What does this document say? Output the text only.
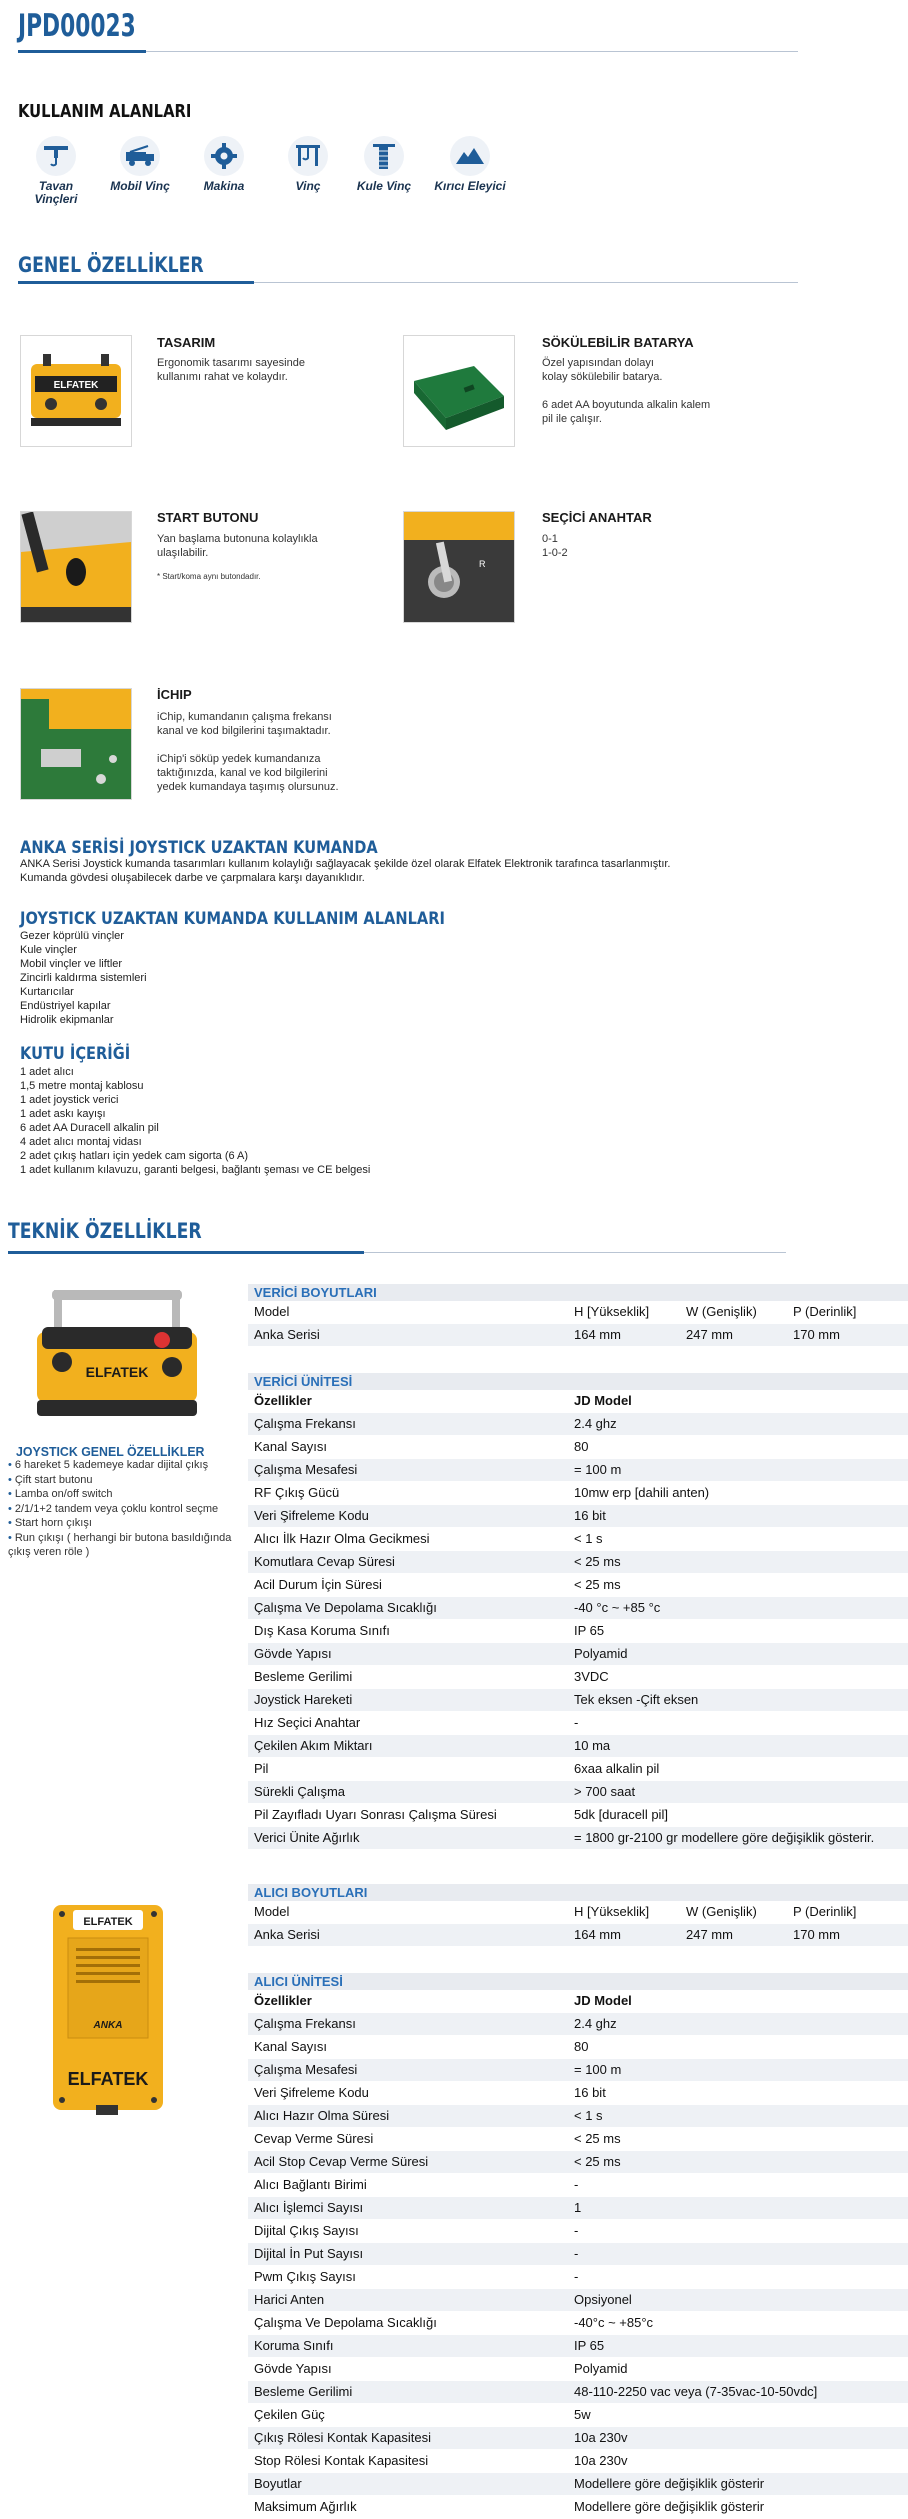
JPD00023
KULLANIM ALANLARI
Tavan Vinçleri
Mobil Vinç	Makina	Vinç	Kule Vinç	Kırıcı Eleyici
GENEL ÖZELLİKLER
ELFATEK
TASARIM
Ergonomik tasarımı sayesinde
kullanımı rahat ve kolaydır.
SÖKÜLEBİLİR BATARYA
Özel yapısından dolayı
kolay sökülebilir batarya.

6 adet AA boyutunda alkalin kalem
pil ile çalışır.
START BUTONU
Yan başlama butonuna kolaylıkla
ulaşılabilir.
* Start/koma aynı butondadır.
R
SEÇİCİ ANAHTAR
0-1
1-0-2
İCHIP
iChip, kumandanın çalışma frekansı
kanal ve kod bilgilerini taşımaktadır.

iChip'i söküp yedek kumandanıza
taktığınızda, kanal ve kod bilgilerini
yedek kumandaya taşımış olursunuz.
ANKA SERİSİ JOYSTICK UZAKTAN KUMANDA
ANKA Serisi Joystick kumanda tasarımları kullanım kolaylığı sağlayacak şekilde özel olarak Elfatek Elektronik tarafınca tasarlanmıştır.
Kumanda gövdesi oluşabilecek darbe ve çarpmalara karşı dayanıklıdır.
JOYSTICK UZAKTAN KUMANDA KULLANIM ALANLARI
Gezer köprülü vinçler
Kule vinçler
Mobil vinçler ve liftler
Zincirli kaldırma sistemleri
Kurtarıcılar
Endüstriyel kapılar
Hidrolik ekipmanlar
KUTU İÇERİĞİ
1 adet alıcı
1,5 metre montaj kablosu
1 adet joystick verici
1 adet askı kayışı
6 adet AA Duracell alkalin pil
4 adet alıcı montaj vidası
2 adet çıkış hatları için yedek cam sigorta (6 A)
1 adet kullanım kılavuzu, garanti belgesi, bağlantı şeması ve CE belgesi
TEKNİK ÖZELLİKLER
ELFATEK
JOYSTICK GENEL ÖZELLİKLER
• 6 hareket 5 kademeye kadar dijital çıkış
• Çift start butonu
• Lamba on/off switch
• 2/1/1+2 tandem veya çoklu kontrol seçme
• Start horn çıkışı
• Run çıkışı ( herhangi bir butona basıldığında çıkış veren röle )
VERİCİ BOYUTLARI
Model	H [Yükseklik]	W (Genişlik)	P (Derinlik]
Anka Serisi	164 mm	247 mm	170 mm
VERİCİ ÜNİTESİ
Özellikler	JD Model
Çalışma Frekansı	2.4 ghz
Kanal Sayısı	80
Çalışma Mesafesi	= 100 m
RF Çıkış Gücü	10mw erp [dahili anten)
Veri Şifreleme Kodu	16 bit
Alıcı İlk Hazır Olma Gecikmesi	< 1 s
Komutlara Cevap Süresi	< 25 ms
Acil Durum İçin Süresi	< 25 ms
Çalışma Ve Depolama Sıcaklığı	-40 °c ~ +85 °c
Dış Kasa Koruma Sınıfı	IP 65
Gövde Yapısı	Polyamid
Besleme Gerilimi	3VDC
Joystick Hareketi	Tek eksen -Çift eksen
Hız Seçici Anahtar	-
Çekilen Akım Miktarı	10 ma
Pil	6xaa alkalin pil
Sürekli Çalışma	> 700 saat
Pil Zayıfladı Uyarı Sonrası Çalışma Süresi	5dk [duracell pil]
Verici Ünite Ağırlık	= 1800 gr-2100 gr modellere göre değişiklik gösterir.
ELFATEK
ANKA
ELFATEK
ALICI BOYUTLARI
Model	H [Yükseklik]	W (Genişlik)	P (Derinlik]
Anka Serisi	164 mm	247 mm	170 mm
ALICI ÜNİTESİ
Özellikler	JD Model
Çalışma Frekansı	2.4 ghz
Kanal Sayısı	80
Çalışma Mesafesi	= 100 m
Veri Şifreleme Kodu	16 bit
Alıcı Hazır Olma Süresi	< 1 s
Cevap Verme Süresi	< 25 ms
Acil Stop Cevap Verme Süresi	< 25 ms
Alıcı Bağlantı Birimi	-
Alıcı İşlemci Sayısı	1
Dijital Çıkış Sayısı	-
Dijital İn Put Sayısı	-
Pwm Çıkış Sayısı	-
Harici Anten	Opsiyonel
Çalışma Ve Depolama Sıcaklığı	-40°c ~ +85°c
Koruma Sınıfı	IP 65
Gövde Yapısı	Polyamid
Besleme Gerilimi	48-110-2250 vac veya (7-35vac-10-50vdc]
Çekilen Güç	5w
Çıkış Rölesi Kontak Kapasitesi	10a 230v
Stop Rölesi Kontak Kapasitesi	10a 230v
Boyutlar	Modellere göre değişiklik gösterir
Maksimum Ağırlık	Modellere göre değişiklik gösterir
